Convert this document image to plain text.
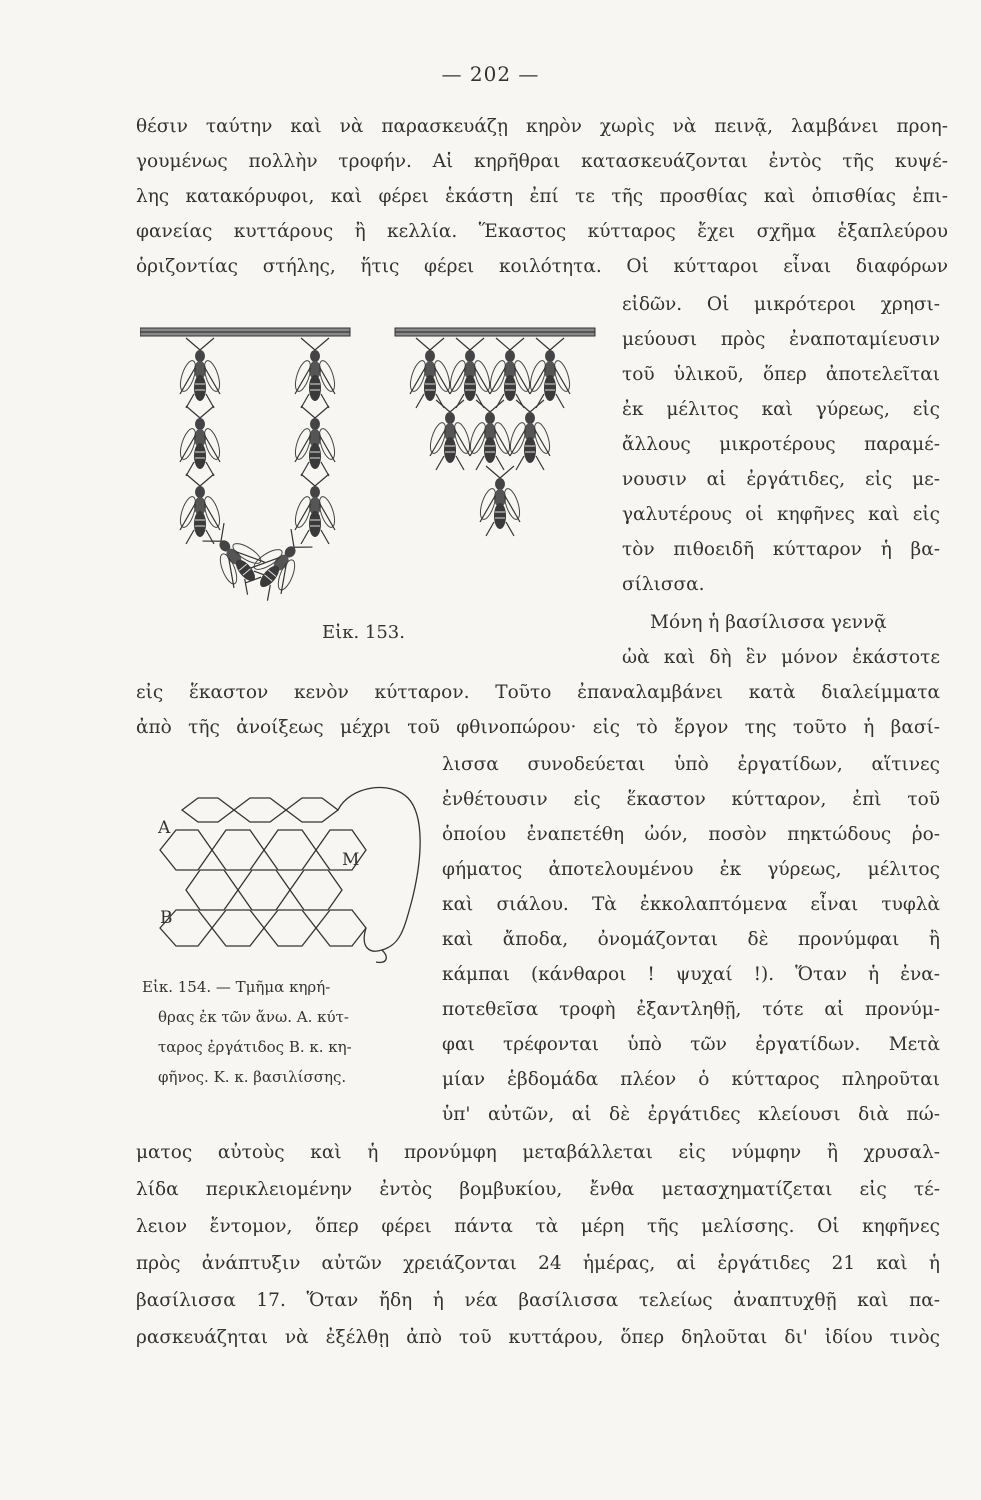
— 202 —
θέσιν ταύτην καὶ νὰ παρασκευάζῃ κηρὸν χωρὶς νὰ πεινᾷ, λαμβάνει προη-
γουμένως πολλὴν τροφήν. Αἱ κηρῆθραι κατασκευάζονται ἐντὸς τῆς κυψέ-
λης κατακόρυφοι, καὶ φέρει ἑκάστη ἐπί τε τῆς προσθίας καὶ ὀπισθίας ἐπι-
φανείας κυττάρους ἢ κελλία. Ἕκαστος κύτταρος ἔχει σχῆμα ἑξαπλεύρου
ὁριζοντίας στήλης, ἥτις φέρει κοιλότητα. Οἱ κύτταροι εἶναι διαφόρων
εἰδῶν. Οἱ μικρότεροι χρησι-
μεύουσι πρὸς ἐναποταμίευσιν
τοῦ ὑλικοῦ, ὅπερ ἀποτελεῖται
ἐκ μέλιτος καὶ γύρεως, εἰς
ἄλλους μικροτέρους παραμέ-
νουσιν αἱ ἐργάτιδες, εἰς με-
γαλυτέρους οἱ κηφῆνες καὶ εἰς
τὸν πιθοειδῆ κύτταρον ἡ βα-
σίλισσα.
Εἰκ. 153.	Μόνη ἡ βασίλισσα γεννᾷ
ὠὰ καὶ δὴ ἓν μόνον ἑκάστοτε
εἰς ἕκαστον κενὸν κύτταρον. Τοῦτο ἐπαναλαμβάνει κατὰ διαλείμματα
ἀπὸ τῆς ἀνοίξεως μέχρι τοῦ φθινοπώρου· εἰς τὸ ἔργον της τοῦτο ἡ βασί-
λισσα συνοδεύεται ὑπὸ ἐργατίδων, αἵτινες
ἐνθέτουσιν εἰς ἕκαστον κύτταρον, ἐπὶ τοῦ
ὁποίου ἐναπετέθη ὠόν, ποσὸν πηκτώδους ῥο-
φήματος ἀποτελουμένου ἐκ γύρεως, μέλιτος
καὶ σιάλου. Τὰ ἐκκολαπτόμενα εἶναι τυφλὰ
καὶ ἄποδα, ὀνομάζονται δὲ προνύμφαι ἢ
κάμπαι (κάνθαροι ! ψυχαί !). Ὅταν ἡ ἐνα-
ποτεθεῖσα τροφὴ ἐξαντληθῇ, τότε αἱ προνύμ-
φαι τρέφονται ὑπὸ τῶν ἐργατίδων. Μετὰ
μίαν ἑβδομάδα πλέον ὁ κύτταρος πληροῦται
ὑπ' αὐτῶν, αἱ δὲ ἐργάτιδες κλείουσι διὰ πώ-
A
B
M
Εἰκ. 154. — Τμῆμα κηρή-
θρας ἐκ τῶν ἄνω. Α. κύτ-
ταρος ἐργάτιδος Β. κ. κη-
φῆνος. Κ. κ. βασιλίσσης.
ματος αὐτοὺς καὶ ἡ προνύμφη μεταβάλλεται εἰς νύμφην ἢ χρυσαλ-
λίδα περικλειομένην ἐντὸς βομβυκίου, ἔνθα μετασχηματίζεται εἰς τέ-
λειον ἔντομον, ὅπερ φέρει πάντα τὰ μέρη τῆς μελίσσης. Οἱ κηφῆνες
πρὸς ἀνάπτυξιν αὐτῶν χρειάζονται 24 ἡμέρας, αἱ ἐργάτιδες 21 καὶ ἡ
βασίλισσα 17. Ὅταν ἤδη ἡ νέα βασίλισσα τελείως ἀναπτυχθῇ καὶ πα-
ρασκευάζηται νὰ ἐξέλθῃ ἀπὸ τοῦ κυττάρου, ὅπερ δηλοῦται δι' ἰδίου τινὸς
